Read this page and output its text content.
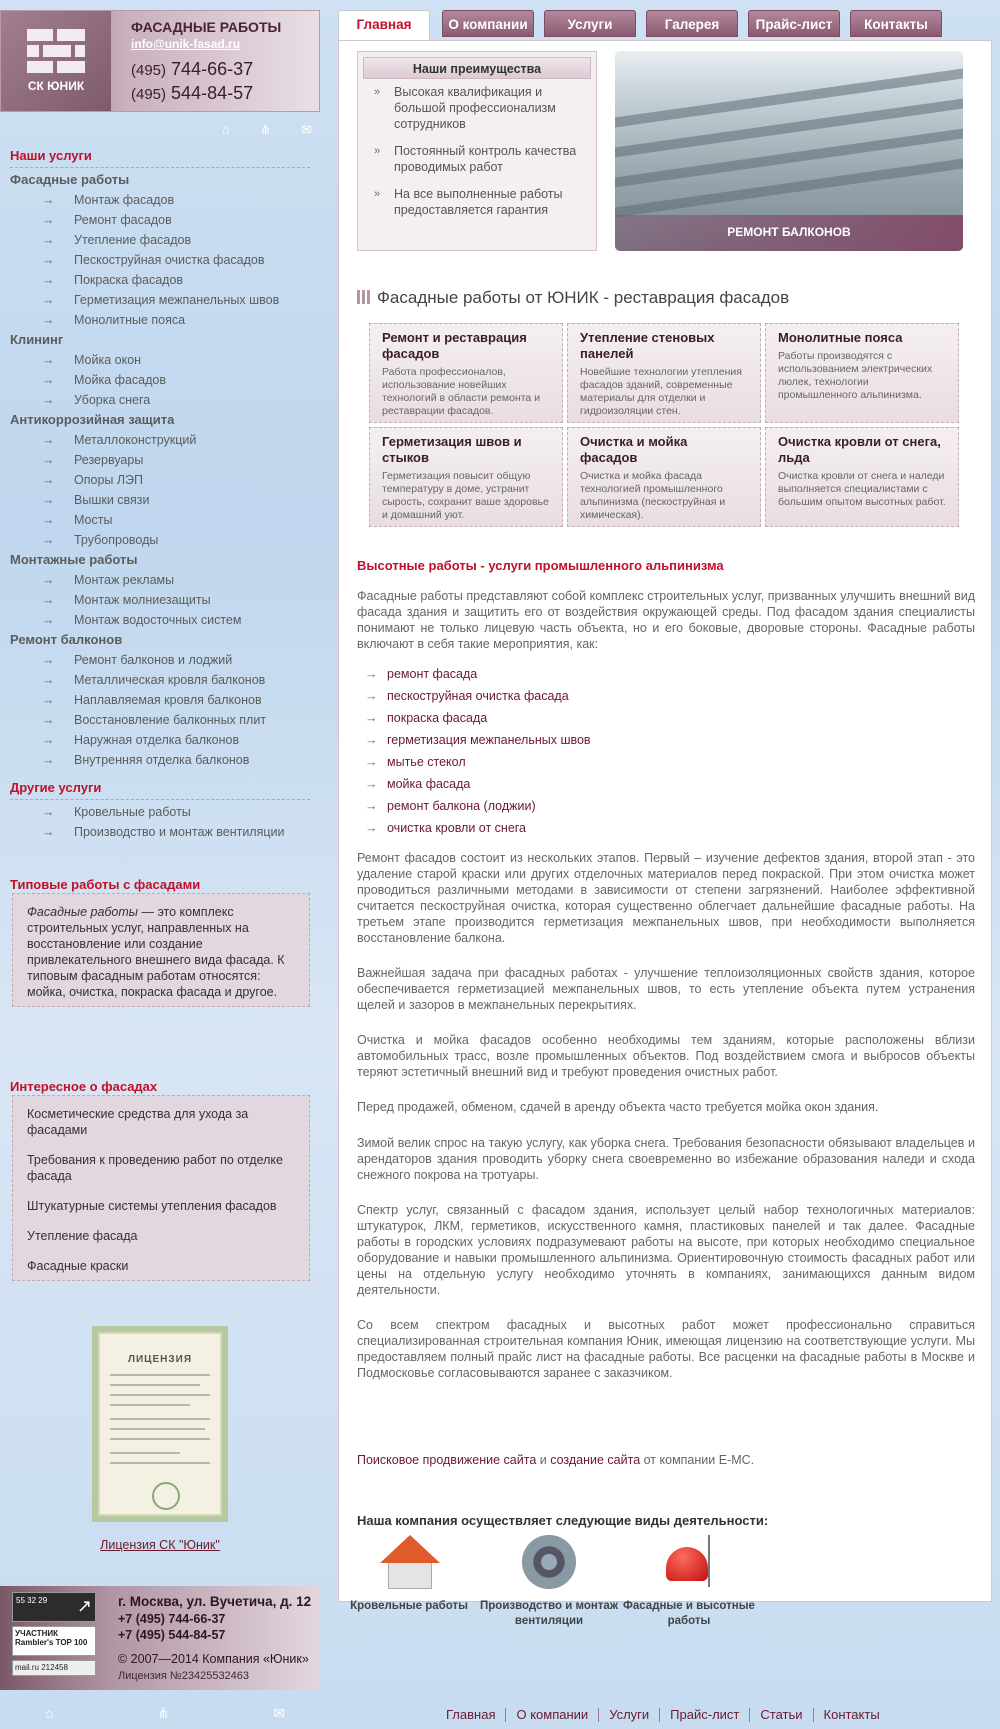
СК ЮНИК
ФАСАДНЫЕ РАБОТЫ
info@unik-fasad.ru
(495) 744-66-37
(495) 544-84-57
⌂ ⋔ ✉
Наши услуги
Фасадные работы
→ Монтаж фасадов
→ Ремонт фасадов
→ Утепление фасадов
→ Пескоструйная очистка фасадов
→ Покраска фасадов
→ Герметизация межпанельных швов
→ Монолитные пояса
Клининг
→ Мойка окон
→ Мойка фасадов
→ Уборка снега
Антикоррозийная защита
→ Металлоконструкций
→ Резервуары
→ Опоры ЛЭП
→ Вышки связи
→ Мосты
→ Трубопроводы
Монтажные работы
→ Монтаж рекламы
→ Монтаж молниезащиты
→ Монтаж водосточных систем
Ремонт балконов
→ Ремонт балконов и лоджий
→ Металлическая кровля балконов
→ Наплавляемая кровля балконов
→ Восстановление балконных плит
→ Наружная отделка балконов
→ Внутренняя отделка балконов
Другие услуги
→ Кровельные работы
→ Производство и монтаж вентиляции
Типовые работы с фасадами

Фасадные работы — это комплекс строительных услуг, направленных на восстановление или создание привлекательного внешнего вида фасада. К типовым фасадным работам относятся: мойка, очистка, покраска фасада и другое.

Интересное о фасадах
Косметические средства для ухода за фасадами
Требования к проведению работ по отделке фасада
Штукатурные системы утепления фасадов
Утепление фасада
Фасадные краски
ЛИЦЕНЗИЯ
Лицензия СК "Юник"
55 32 29 ↗
УЧАСТНИК Rambler's TOP 100
mail.ru 212458
г. Москва, ул. Вучетича, д. 12
+7 (495) 744-66-37
+7 (495) 544-84-57
© 2007—2014 Компания «Юник»
Лицензия №23425532463
⌂	⋔	✉
Главная	О компании	Услуги	Галерея	Прайс-лист	Контакты
Наши преимущества
» Высокая квалификация и большой профессионализм сотрудников
» Постоянный контроль качества проводимых работ
» На все выполненные работы предоставляется гарантия
РЕМОНТ БАЛКОНОВ
Фасадные работы от ЮНИК - реставрация фасадов
Ремонт и реставрация фасадов
Работа профессионалов, использование новейших технологий в области ремонта и реставрации фасадов.
Утепление стеновых панелей
Новейшие технологии утепления фасадов зданий, современные материалы для отделки и гидроизоляции стен.
Монолитные пояса
Работы производятся с использованием электрических люлек, технологии промышленного альпинизма.
Герметизация швов и стыков
Герметизация повысит общую температуру в доме, устранит сырость, сохранит ваше здоровье и домашний уют.
Очистка и мойка фасадов
Очистка и мойка фасада технологией промышленного альпинизма (пескоструйная и химическая).
Очистка кровли от снега, льда
Очистка кровли от снега и наледи выполняется специалистами с большим опытом высотных работ.
Высотные работы - услуги промышленного альпинизма
Фасадные работы представляют собой комплекс строительных услуг, призванных улучшить внешний вид фасада здания и защитить его от воздействия окружающей среды. Под фасадом здания специалисты понимают не только лицевую часть объекта, но и его боковые, дворовые стороны. Фасадные работы включают в себя такие мероприятия, как:
→ ремонт фасада
→ пескоструйная очистка фасада
→ покраска фасада
→ герметизация межпанельных швов
→ мытье стекол
→ мойка фасада
→ ремонт балкона (лоджии)
→ очистка кровли от снега
Ремонт фасадов состоит из нескольких этапов. Первый – изучение дефектов здания, второй этап - это удаление старой краски или других отделочных материалов перед покраской. При этом очистка может проводиться различными методами в зависимости от степени загрязнений. Наиболее эффективной считается пескоструйная очистка, которая существенно облегчает дальнейшие фасадные работы. На третьем этапе производится герметизация межпанельных швов, при необходимости выполняется восстановление балкона.
Важнейшая задача при фасадных работах - улучшение теплоизоляционных свойств здания, которое обеспечивается герметизацией межпанельных швов, то есть утепление объекта путем устранения щелей и зазоров в межпанельных перекрытиях.
Очистка и мойка фасадов особенно необходимы тем зданиям, которые расположены вблизи автомобильных трасс, возле промышленных объектов. Под воздействием смога и выбросов объекты теряют эстетичный внешний вид и требуют проведения очистных работ.
Перед продажей, обменом, сдачей в аренду объекта часто требуется мойка окон здания.
Зимой велик спрос на такую услугу, как уборка снега. Требования безопасности обязывают владельцев и арендаторов здания проводить уборку снега своевременно во избежание образования наледи и схода снежного покрова на тротуары.
Спектр услуг, связанный с фасадом здания, использует целый набор технологичных материалов: штукатурок, ЛКМ, герметиков, искусственного камня, пластиковых панелей и так далее. Фасадные работы в городских условиях подразумевают работы на высоте, при которых необходимо специальное оборудование и навыки промышленного альпинизма. Ориентировочную стоимость фасадных работ или цены на отдельную услугу необходимо уточнять в компаниях, занимающихся данным видом деятельности.
Со всем спектром фасадных и высотных работ может профессионально справиться специализированная строительная компания Юник, имеющая лицензию на соответствующие услуги. Мы предоставляем полный прайс лист на фасадные работы. Все расценки на фасадные работы в Москве и Подмосковье согласовываются заранее с заказчиком.
Поисковое продвижение сайта и создание сайта от компании Е-МС.
Наша компания осуществляет следующие виды деятельности:
Кровельные работы	Производство и монтаж вентиляции
Фасадные и высотные работы
Главная	О компании	Услуги	Прайс-лист	Статьи	Контакты
